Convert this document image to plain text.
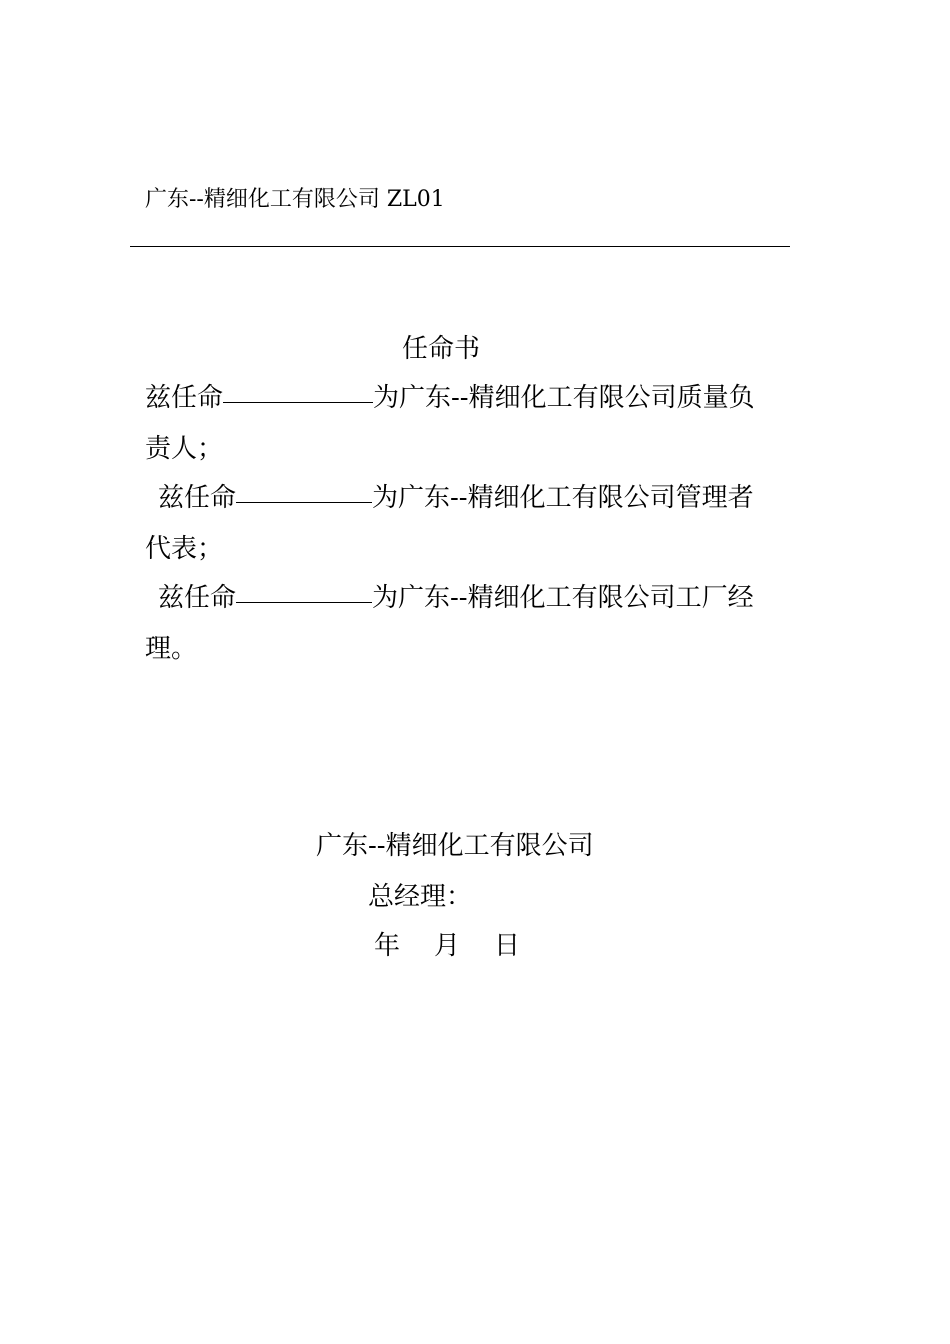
广东--精细化工有限公司 ZL01
任命书
兹任命	为广东--精细化工有限公司质量负
责人；
兹任命	为广东--精细化工有限公司管理者
代表；
兹任命	为广东--精细化工有限公司工厂经
理。
广东--精细化工有限公司
总经理：
年 月 日
